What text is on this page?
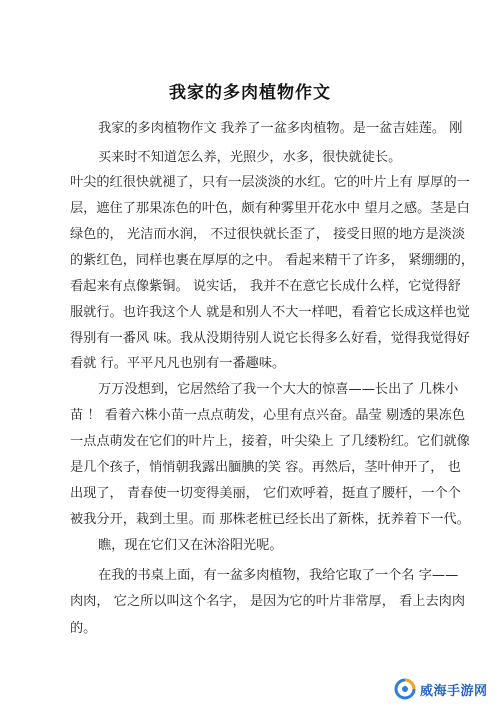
我家的多肉植物作文
我家的多肉植物作文 我养了一盆多肉植物。是一盆吉娃莲。 刚
买来时不知道怎么养，光照少，水多，很快就徒长。
叶尖的红很快就褪了，只有一层淡淡的水红。它的叶片上有 厚厚的一
层，遮住了那果冻色的叶色，颇有种雾里开花水中 望月之感。茎是白
绿色的， 光洁而水润， 不过很快就长歪了， 接受日照的地方是淡淡
的紫红色，同样也裹在厚厚的之中。 看起来精干了许多， 紧绷绷的，
看起来有点像紫铜。 说实话， 我并不在意它长成什么样，它觉得舒
服就行。也许我这个人 就是和别人不大一样吧，看着它长成这样也觉
得别有一番风 味。我从没期待别人说它长得多么好看，觉得我觉得好
看就 行。平平凡凡也别有一番趣味。
万万没想到，它居然给了我一个大大的惊喜——长出了 几株小
苗 ！ 看着六株小苗一点点萌发，心里有点兴奋。晶莹 剔透的果冻色
一点点萌发在它们的叶片上，接着，叶尖染上 了几缕粉红。它们就像
是几个孩子，悄悄朝我露出腼腆的笑 容。再然后，茎叶伸开了， 也
出现了， 青春使一切变得美丽， 它们欢呼着，挺直了腰杆，一个个
被我分开，栽到土里。而 那株老桩已经长出了新株，抚养着下一代。
瞧，现在它们又在沐浴阳光呢。
在我的书桌上面，有一盆多肉植物，我给它取了一个名 字——
肉肉， 它之所以叫这个名字， 是因为它的叶片非常厚， 看上去肉肉
的。
威海手游网
